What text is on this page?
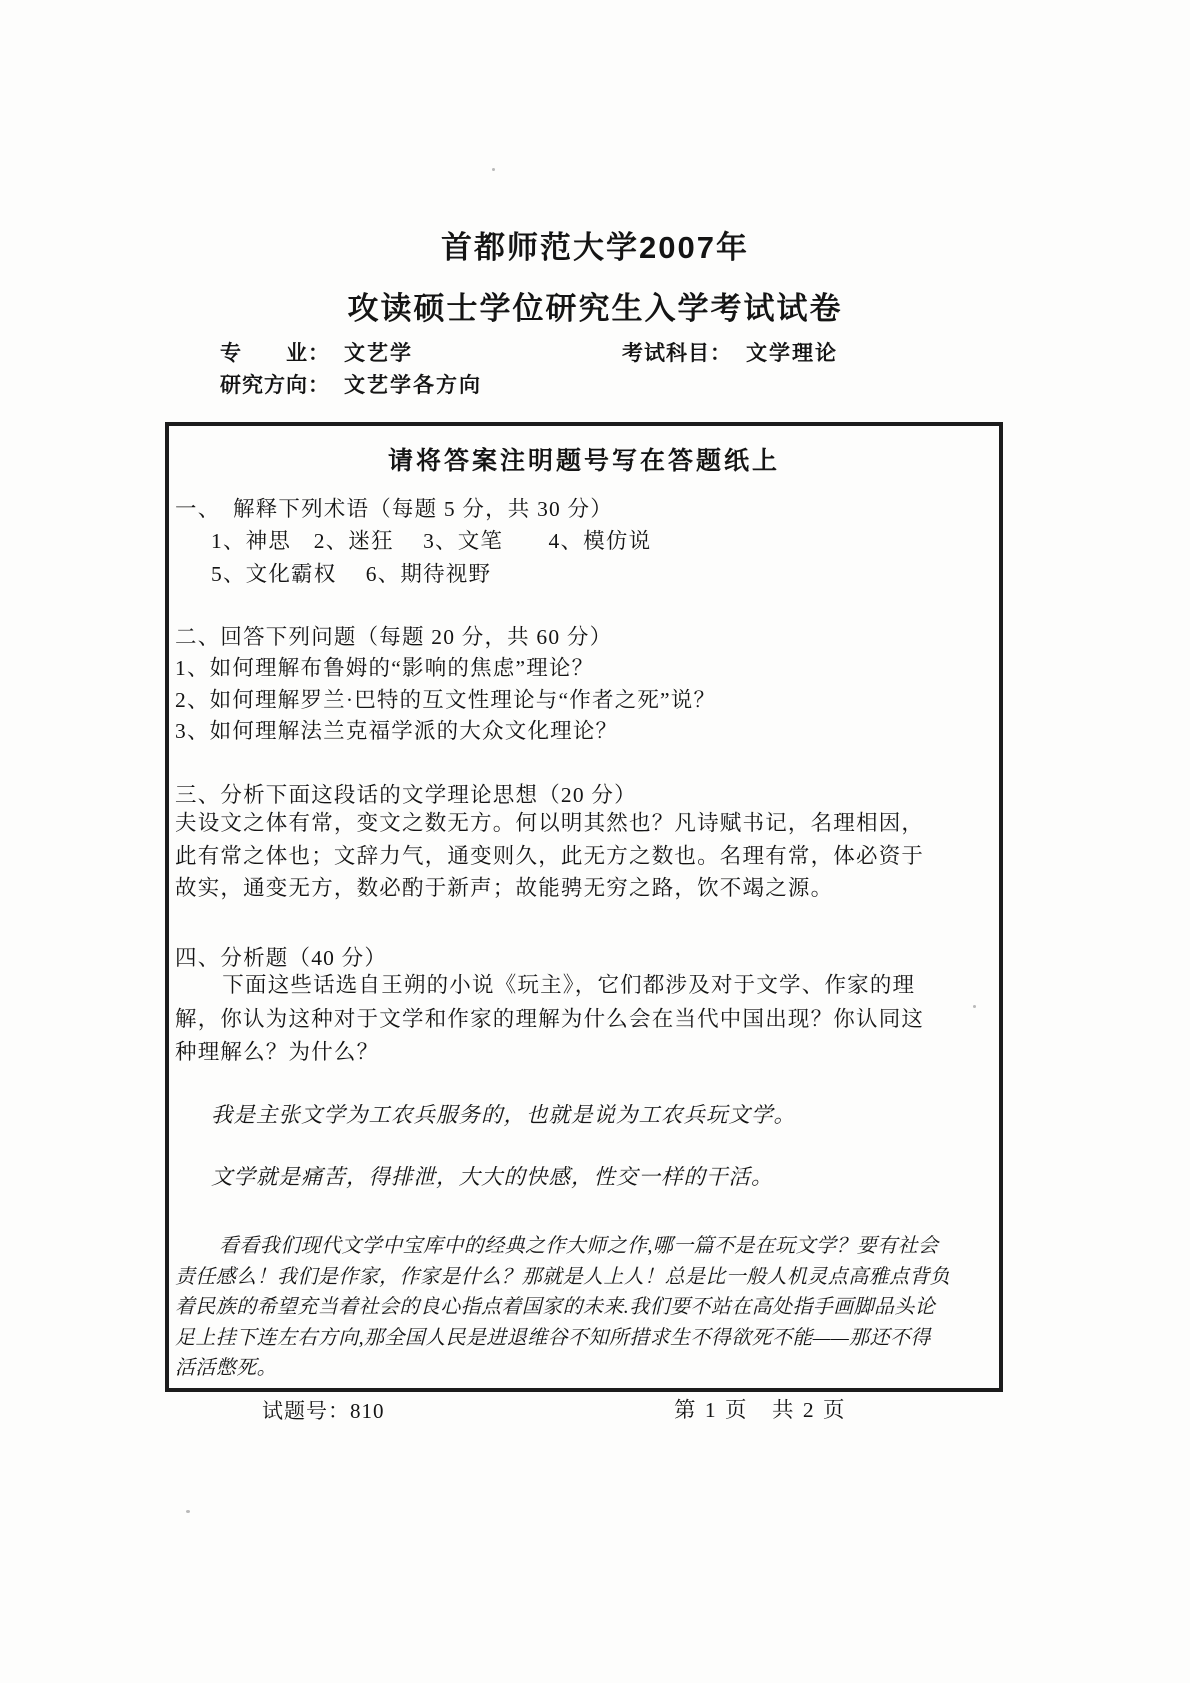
首都师范大学2007年
攻读硕士学位研究生入学考试试卷
专　　业： 文艺学	考试科目： 文学理论
研究方向： 文艺学各方向
请将答案注明题号写在答题纸上
一、 解释下列术语（每题 5 分，共 30 分）
1、神思　2、迷狂　 3、文笔　　4、模仿说
5、文化霸权　 6、期待视野
二、回答下列问题（每题 20 分，共 60 分）
1、如何理解布鲁姆的“影响的焦虑”理论？
2、如何理解罗兰·巴特的互文性理论与“作者之死”说？
3、如何理解法兰克福学派的大众文化理论？
三、分析下面这段话的文学理论思想（20 分）
夫设文之体有常，变文之数无方。何以明其然也？凡诗赋书记，名理相因，
此有常之体也；文辞力气，通变则久，此无方之数也。名理有常，体必资于
故实，通变无方，数必酌于新声；故能骋无穷之路，饮不竭之源。
四、分析题（40 分）
下面这些话选自王朔的小说《玩主》，它们都涉及对于文学、作家的理
解，你认为这种对于文学和作家的理解为什么会在当代中国出现？你认同这
种理解么？为什么？
我是主张文学为工农兵服务的，也就是说为工农兵玩文学。
文学就是痛苦，得排泄，大大的快感，性交一样的干活。
看看我们现代文学中宝库中的经典之作大师之作,哪一篇不是在玩文学？要有社会
责任感么！我们是作家，作家是什么？那就是人上人！总是比一般人机灵点高雅点背负
着民族的希望充当着社会的良心指点着国家的未来.我们要不站在高处指手画脚品头论
足上挂下连左右方向,那全国人民是进退维谷不知所措求生不得欲死不能——那还不得
活活憋死。
试题号：810	第 1 页　共 2 页
